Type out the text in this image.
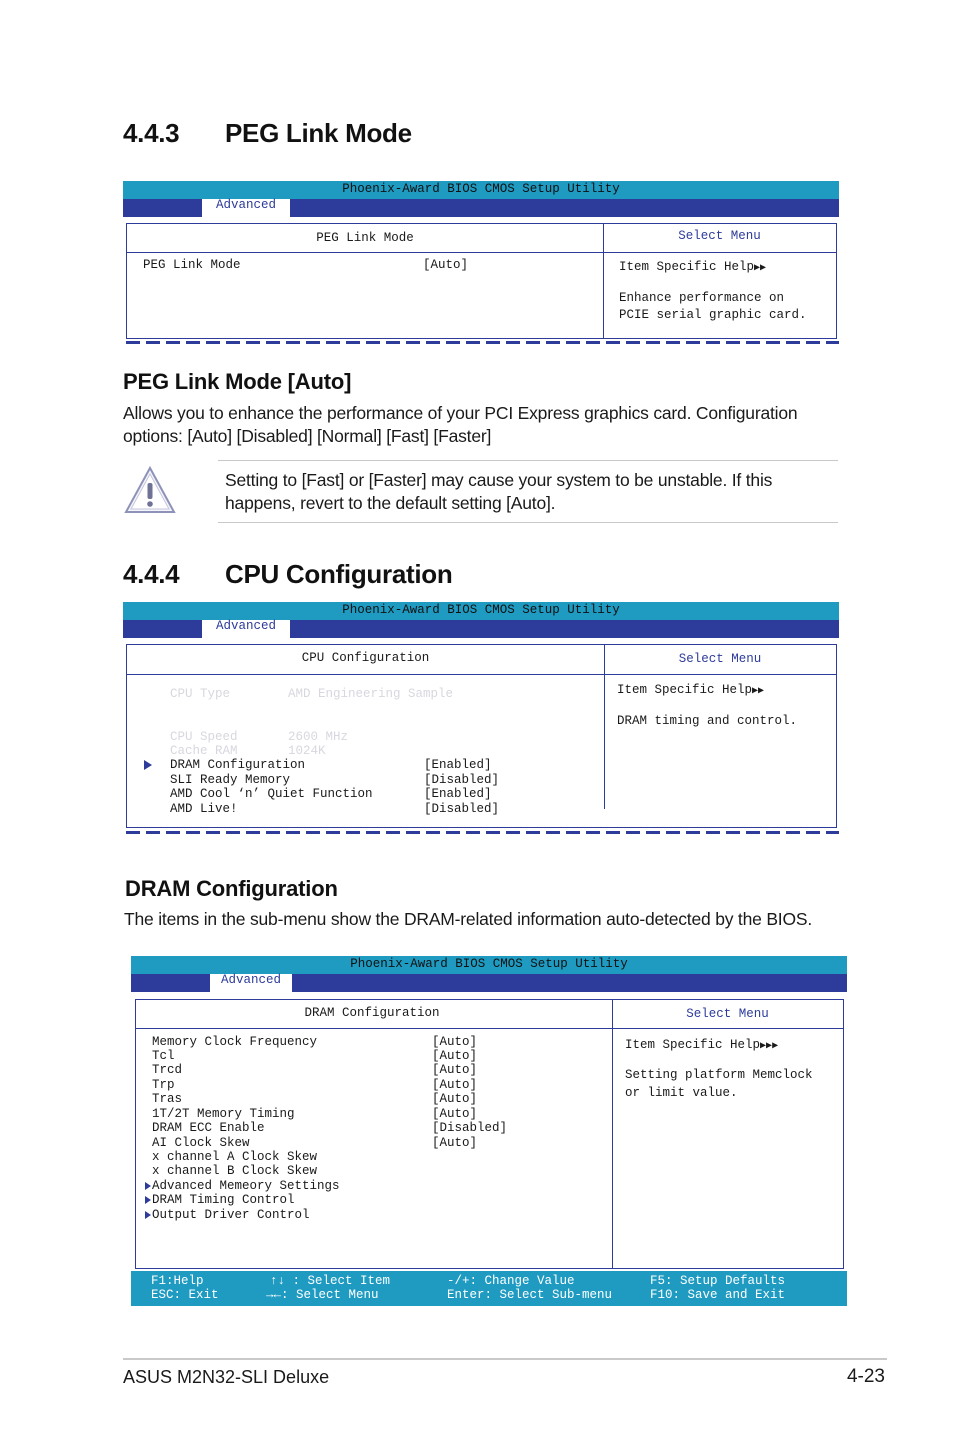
4.4.3 PEG Link Mode
Phoenix-Award BIOS CMOS Setup Utility
Advanced
PEG Link Mode	Select Menu
PEG Link Mode	[Auto]	Item Specific Help▶▶
Enhance performance on
PCIE serial graphic card.
PEG Link Mode [Auto]
Allows you to enhance the performance of your PCI Express graphics card. Configuration
options: [Auto] [Disabled] [Normal] [Fast] [Faster]
Setting to [Fast] or [Faster] may cause your system to be unstable. If this
happens, revert to the default setting [Auto].
4.4.4 CPU Configuration
Phoenix-Award BIOS CMOS Setup Utility
Advanced
CPU Configuration	Select Menu
CPU Type	AMD Engineering Sample
CPU Speed	2600 MHz
Cache RAM	1024K
DRAM Configuration	[Enabled]
SLI Ready Memory	[Disabled]
AMD Cool ‘n’ Quiet Function	[Enabled]
AMD Live!	[Disabled]
Item Specific Help▶▶
DRAM timing and control.
DRAM Configuration
The items in the sub-menu show the DRAM-related information auto-detected by the BIOS.
Phoenix-Award BIOS CMOS Setup Utility
Advanced
DRAM Configuration	Select Menu
Memory Clock Frequency	[Auto]
Tcl	[Auto]
Trcd	[Auto]
Trp	[Auto]
Tras	[Auto]
1T/2T Memory Timing	[Auto]
DRAM ECC Enable	[Disabled]
AI Clock Skew	[Auto]
x channel A Clock Skew
x channel B Clock Skew
Advanced Memeory Settings
DRAM Timing Control
Output Driver Control
Item Specific Help▶▶▶
Setting platform Memclock
or limit value.
F1:Help
ESC: Exit
↑↓ : Select Item
→←: Select Menu
-/+: Change Value
Enter: Select Sub-menu
F5: Setup Defaults
F10: Save and Exit
ASUS M2N32-SLI Deluxe	4-23
